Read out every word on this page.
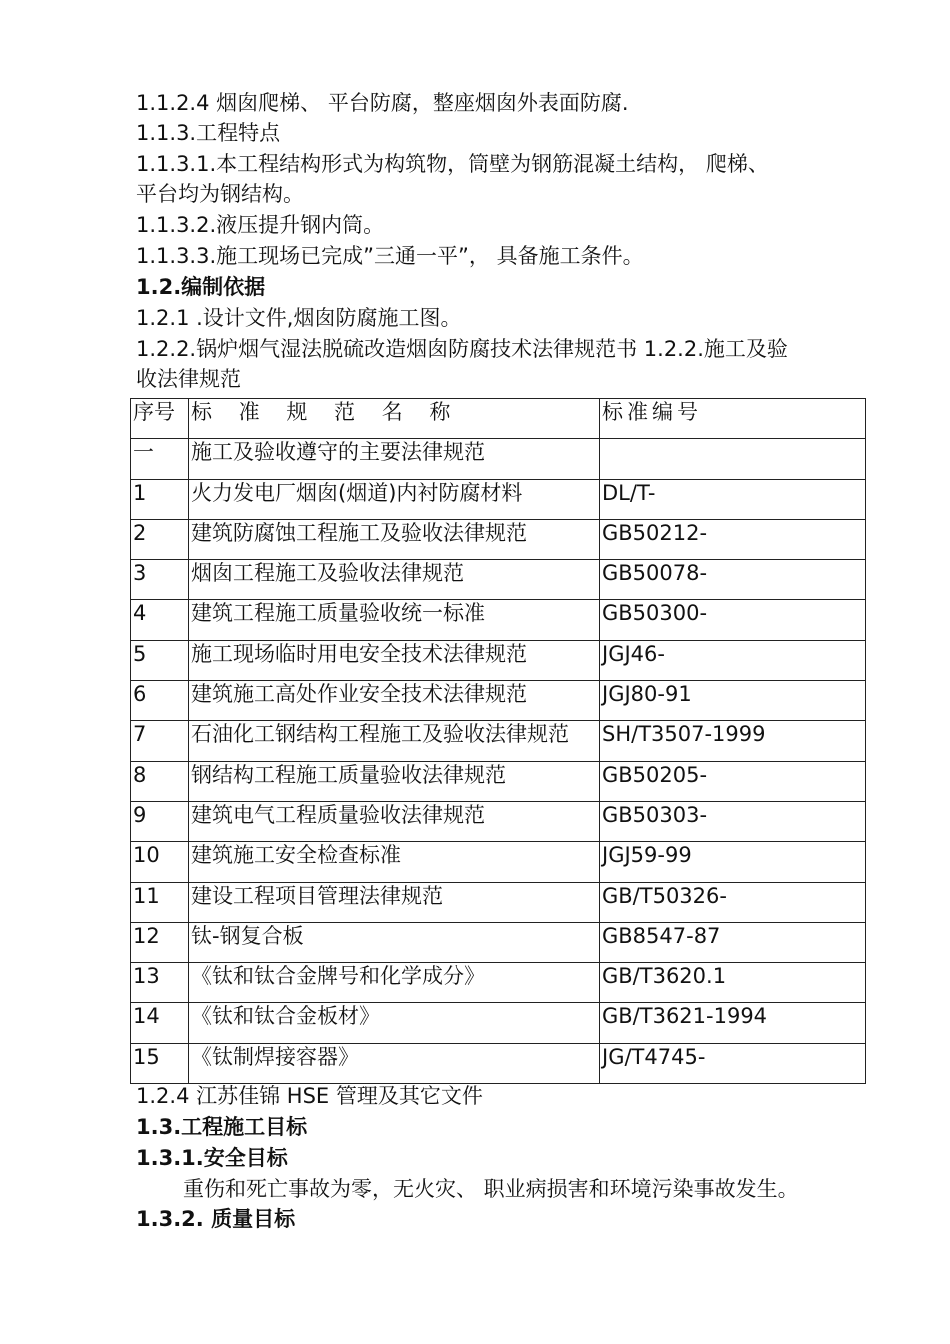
1.1.2.4 烟囱爬梯、 平台防腐，整座烟囱外表面防腐.
1.1.3.工程特点
1.1.3.1.本工程结构形式为构筑物，筒壁为钢筋混凝土结构， 爬梯、
平台均为钢结构。
1.1.3.2.液压提升钢内筒。
1.1.3.3.施工现场已完成”三通一平”， 具备施工条件。
1.2.编制依据
1.2.1 .设计文件,烟囱防腐施工图。
1.2.2.锅炉烟气湿法脱硫改造烟囱防腐技术法律规范书 1.2.2.施工及验
收法律规范
序号	标 准 规 范 名 称	标准编号
一	施工及验收遵守的主要法律规范	
1	火力发电厂烟囱(烟道)内衬防腐材料	DL/T-
2	建筑防腐蚀工程施工及验收法律规范	GB50212-
3	烟囱工程施工及验收法律规范	GB50078-
4	建筑工程施工质量验收统一标准	GB50300-
5	施工现场临时用电安全技术法律规范	JGJ46-
6	建筑施工高处作业安全技术法律规范	JGJ80-91
7	石油化工钢结构工程施工及验收法律规范	SH/T3507-1999
8	钢结构工程施工质量验收法律规范	GB50205-
9	建筑电气工程质量验收法律规范	GB50303-
10	建筑施工安全检查标准	JGJ59-99
11	建设工程项目管理法律规范	GB/T50326-
12	钛-钢复合板	GB8547-87
13	《钛和钛合金牌号和化学成分》	GB/T3620.1
14	《钛和钛合金板材》	GB/T3621-1994
15	《钛制焊接容器》	JG/T4745-
1.2.4 江苏佳锦 HSE 管理及其它文件
1.3.工程施工目标
1.3.1.安全目标
重伤和死亡事故为零，无火灾、 职业病损害和环境污染事故发生。
1.3.2. 质量目标
